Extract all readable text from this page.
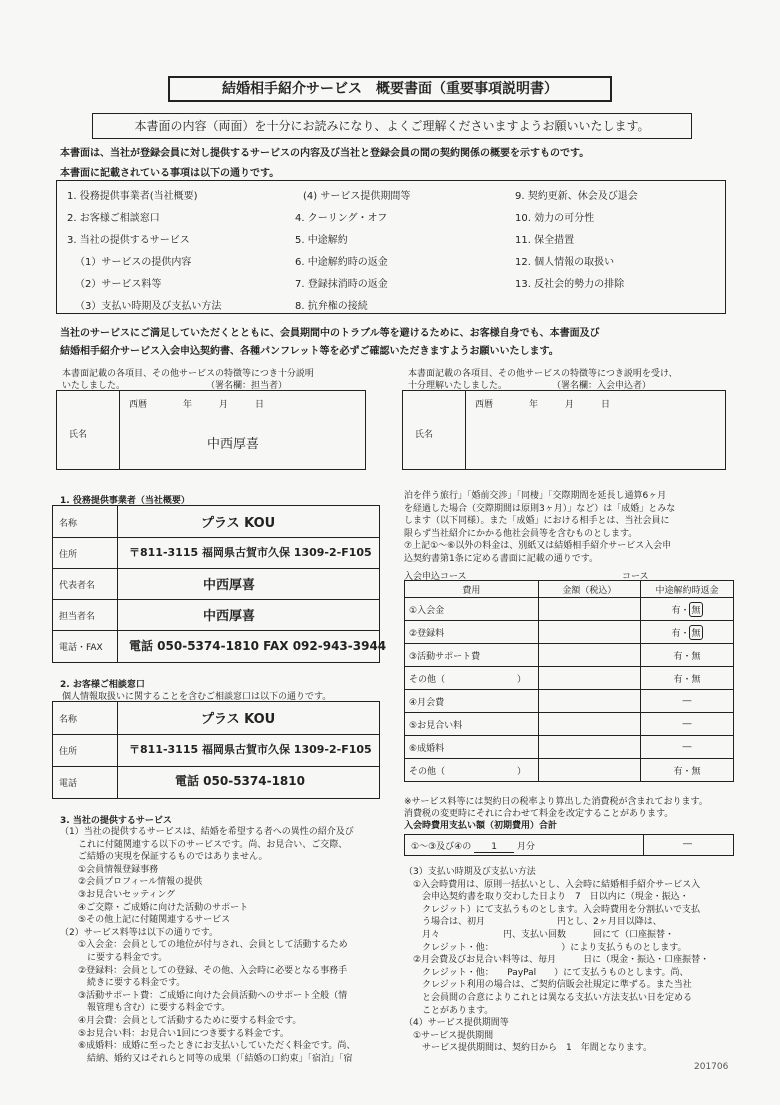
結婚相手紹介サービス　概要書面（重要事項説明書）
本書面の内容（両面）を十分にお読みになり、よくご理解くださいますようお願いいたします。
本書面は、当社が登録会員に対し提供するサービスの内容及び当社と登録会員の間の契約関係の概要を示すものです。
本書面に記載されている事項は以下の通りです。
1. 役務提供事業者(当社概要)
2. お客様ご相談窓口
3. 当社の提供するサービス
（1）サービスの提供内容
（2）サービス料等
（3）支払い時期及び支払い方法
(4) サービス提供期間等
4. クーリング・オフ
5. 中途解約
6. 中途解約時の返金
7. 登録抹消時の返金
8. 抗弁権の接続
9. 契約更新、休会及び退会
10. 効力の可分性
11. 保全措置
12. 個人情報の取扱い
13. 反社会的勢力の排除
当社のサービスにご満足していただくとともに、会員期間中のトラブル等を避けるために、お客様自身でも、本書面及び
結婚相手紹介サービス入会申込契約書、各種パンフレット等を必ずご確認いただきますようお願いいたします。
本書面記載の各項目、その他サービスの特徴等につき十分説明
いたしました。　　　　　　　　　　（署名欄：担当者）
西暦　　　　年　　　月　　　日
氏名
中西厚喜
本書面記載の各項目、その他サービスの特徴等につき説明を受け、
十分理解いたしました。　　　　　　（署名欄：入会申込者）
西暦　　　　年　　　月　　　日
氏名
1. 役務提供事業者（当社概要）
名称	プラス KOU
住所	〒811-3115 福岡県古賀市久保 1309-2-F105
代表者名	中西厚喜
担当者名	中西厚喜
電話・FAX 電話 050-5374-1810 FAX 092-943-3944
2. お客様ご相談窓口
個人情報取扱いに関することを含むご相談窓口は以下の通りです。
名称	プラス KOU
住所	〒811-3115 福岡県古賀市久保 1309-2-F105
電話	電話 050-5374-1810
3. 当社の提供するサービス
（1）当社の提供するサービスは、結婚を希望する者への異性の紹介及び
　　これに付随関連する以下のサービスです。尚、お見合い、ご交際、
　　ご結婚の実現を保証するものではありません。
　　①会員情報登録事務
　　②会員プロフィール情報の提供
　　③お見合いセッティング
　　④ご交際・ご成婚に向けた活動のサポート
　　⑤その他上記に付随関連するサービス
（2）サービス料等は以下の通りです。
　　①入会金：会員としての地位が付与され、会員として活動するため
　　　に要する料金です。
　　②登録料：会員としての登録、その他、入会時に必要となる事務手
　　　続きに要する料金です。
　　③活動サポート費：ご成婚に向けた会員活動へのサポート全般（情
　　　報管理も含む）に要する料金です。
　　④月会費：会員として活動するために要する料金です。
　　⑤お見合い料：お見合い1回につき要する料金です。
　　⑥成婚料：成婚に至ったときにお支払いしていただく料金です。尚、
　　　結納、婚約又はそれらと同等の成果（「結婚の口約束」「宿泊」「宿
泊を伴う旅行」「婚前交渉」「同棲」「交際期間を延長し通算6ヶ月
を経過した場合（交際期間は原則3ヶ月）」など）は「成婚」とみな
します（以下同様）。また「成婚」における相手とは、当社会員に
限らず当社紹介にかかる他社会員等を含むものとします。
⑦上記①～⑥以外の料金は、別紙又は結婚相手紹介サービス入会申
込契約書第1条に定める書面に記載の通りです。
入会申込コース	コース
費用	金額（税込）	中途解約時返金
①入会金		有・ 無
②登録料		有・ 無
③活動サポート費		有・無
その他（　　　　　　　　）		有・無
④月会費		―
⑤お見合い料		―
⑥成婚料		―
その他（　　　　　　　　）		有・無
※サービス料等には契約日の税率より算出した消費税が含まれております。
消費税の変更時にそれに合わせて料金を改定することがあります。
入会時費用支払い額（初期費用）合計
①～③及び④の 1 月分	―
（3）支払い時期及び支払い方法
　①入会時費用は、原則一括払いとし、入会時に結婚相手紹介サービス入
　　会申込契約書を取り交わした日より　7　日以内に（現金・振込・
　　クレジット）にて支払うものとします。入会時費用を分割払いで支払
　　う場合は、初月　　　　　　　　円とし、2ヶ月目以降は、
　　月々　　　　　　　円、支払い回数　　　回にて（口座振替・
　　クレジット・他：　　　　　　　　）により支払うものとします。
　②月会費及びお見合い料等は、毎月　　　日に（現金・振込・口座振替・
　　クレジット・他：　　PayPal　　）にて支払うものとします。尚、
　　クレジット利用の場合は、ご契約信販会社規定に準ずる。また当社
　　と会員間の合意によりこれとは異なる支払い方法支払い日を定める
　　ことがあります。
（4）サービス提供期間等
　①サービス提供期間
　　サービス提供期間は、契約日から　1　年間となります。
201706
